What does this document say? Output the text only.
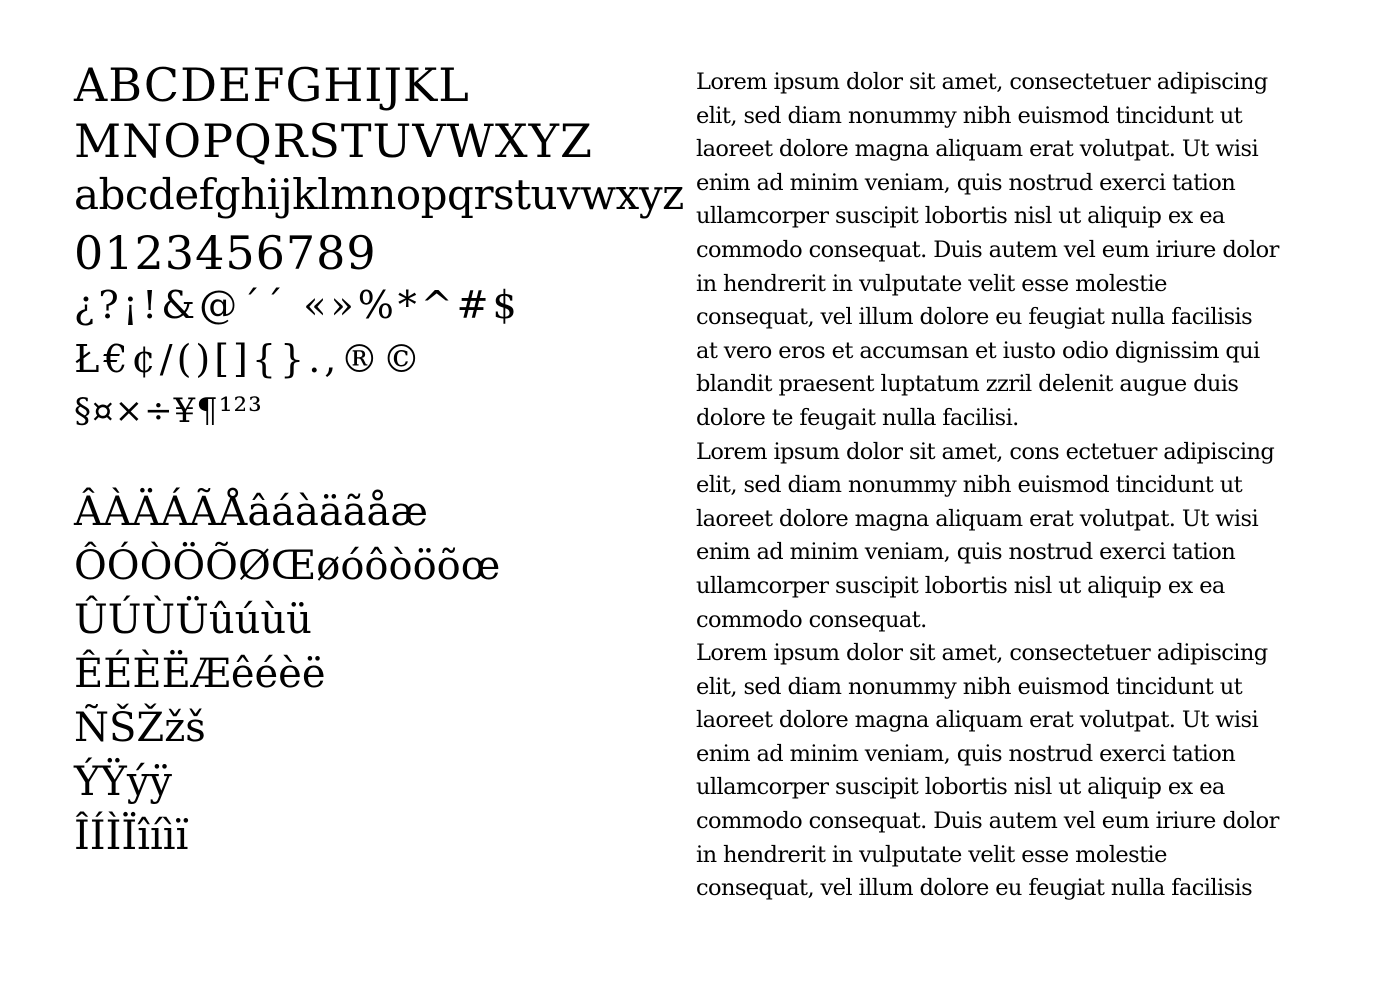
ABCDEFGHIJKL
MNOPQRSTUVWXYZ
abcdefghijklmnopqrstuvwxyz
0123456789
¿?¡!&@´´ «»%*^#$
Ł€¢/()[]{}.,®©
§¤×÷¥¶¹²³
ÂÀÄÁÃÅâáàäãåæ
ÔÓÒÖÕØŒøóôòöõœ
ÛÚÙÜûúùü
ÊÉÈËÆêéèë
ÑŠŽžš
ÝŸýÿ
ÎÍÌÏîíìï
Lorem ipsum dolor sit amet, consectetuer adipiscing
elit, sed diam nonummy nibh euismod tincidunt ut
laoreet dolore magna aliquam erat volutpat. Ut wisi
enim ad minim veniam, quis nostrud exerci tation
ullamcorper suscipit lobortis nisl ut aliquip ex ea
commodo consequat. Duis autem vel eum iriure dolor
in hendrerit in vulputate velit esse molestie
consequat, vel illum dolore eu feugiat nulla facilisis
at vero eros et accumsan et iusto odio dignissim qui
blandit praesent luptatum zzril delenit augue duis
dolore te feugait nulla facilisi.
Lorem ipsum dolor sit amet, cons ectetuer adipiscing
elit, sed diam nonummy nibh euismod tincidunt ut
laoreet dolore magna aliquam erat volutpat. Ut wisi
enim ad minim veniam, quis nostrud exerci tation
ullamcorper suscipit lobortis nisl ut aliquip ex ea
commodo consequat.
Lorem ipsum dolor sit amet, consectetuer adipiscing
elit, sed diam nonummy nibh euismod tincidunt ut
laoreet dolore magna aliquam erat volutpat. Ut wisi
enim ad minim veniam, quis nostrud exerci tation
ullamcorper suscipit lobortis nisl ut aliquip ex ea
commodo consequat. Duis autem vel eum iriure dolor
in hendrerit in vulputate velit esse molestie
consequat, vel illum dolore eu feugiat nulla facilisis
